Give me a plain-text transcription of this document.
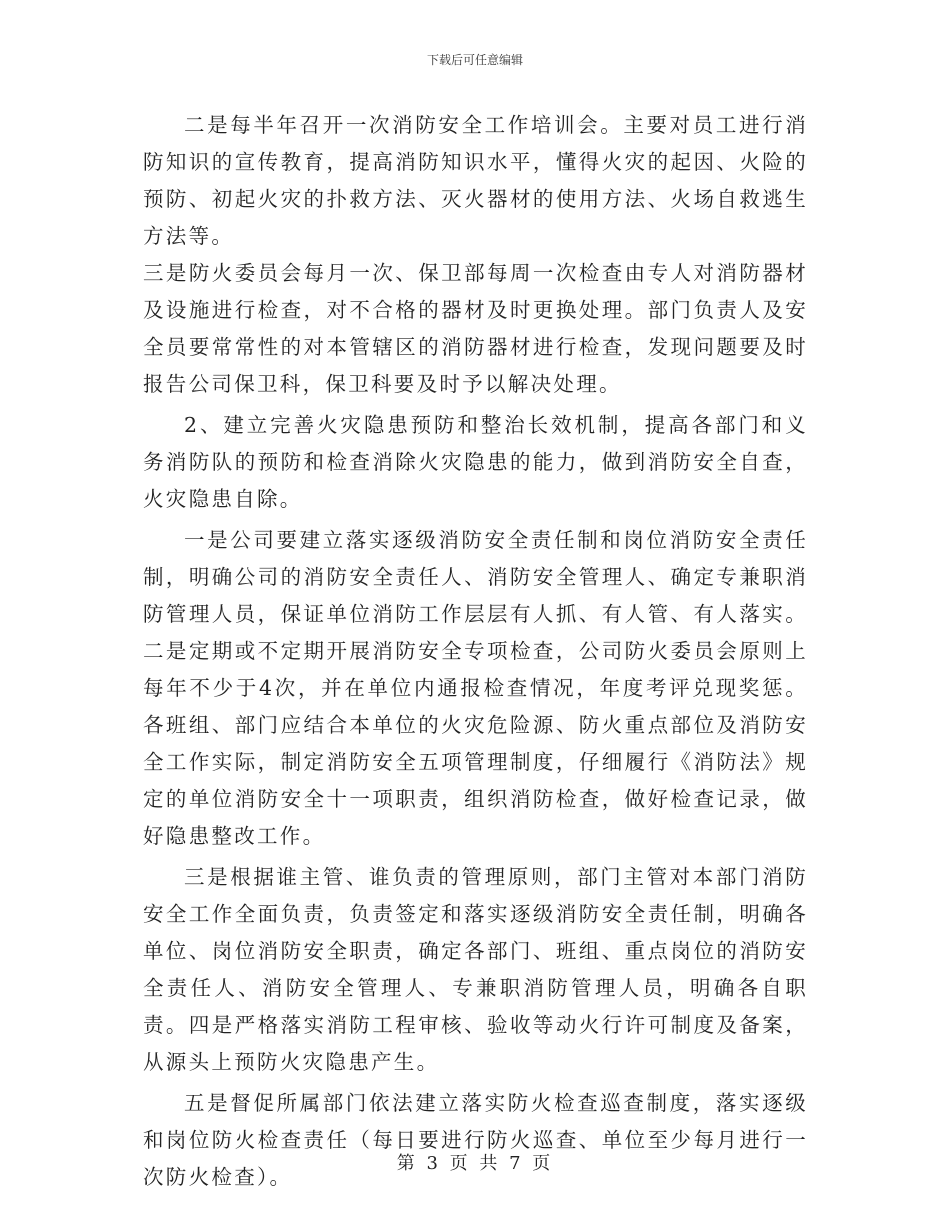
下载后可任意编辑

二是每半年召开一次消防安全工作培训会。主要对员工进行消防知识的宣传教育，提高消防知识水平，懂得火灾的起因、火险的预防、初起火灾的扑救方法、灭火器材的使用方法、火场自救逃生方法等。

三是防火委员会每月一次、保卫部每周一次检查由专人对消防器材及设施进行检查，对不合格的器材及时更换处理。部门负责人及安全员要常常性的对本管辖区的消防器材进行检查，发现问题要及时报告公司保卫科，保卫科要及时予以解决处理。

2、建立完善火灾隐患预防和整治长效机制，提高各部门和义务消防队的预防和检查消除火灾隐患的能力，做到消防安全自查，火灾隐患自除。

一是公司要建立落实逐级消防安全责任制和岗位消防安全责任制，明确公司的消防安全责任人、消防安全管理人、确定专兼职消防管理人员，保证单位消防工作层层有人抓、有人管、有人落实。二是定期或不定期开展消防安全专项检查，公司防火委员会原则上每年不少于4次，并在单位内通报检查情况，年度考评兑现奖惩。各班组、部门应结合本单位的火灾危险源、防火重点部位及消防安全工作实际，制定消防安全五项管理制度，仔细履行《消防法》规定的单位消防安全十一项职责，组织消防检查，做好检查记录，做好隐患整改工作。

三是根据谁主管、谁负责的管理原则，部门主管对本部门消防安全工作全面负责，负责签定和落实逐级消防安全责任制，明确各单位、岗位消防安全职责，确定各部门、班组、重点岗位的消防安全责任人、消防安全管理人、专兼职消防管理人员，明确各自职责。四是严格落实消防工程审核、验收等动火行许可制度及备案，从源头上预防火灾隐患产生。

五是督促所属部门依法建立落实防火检查巡查制度，落实逐级和岗位防火检查责任（每日要进行防火巡查、单位至少每月进行一次防火检查）。

第 3 页 共 7 页
